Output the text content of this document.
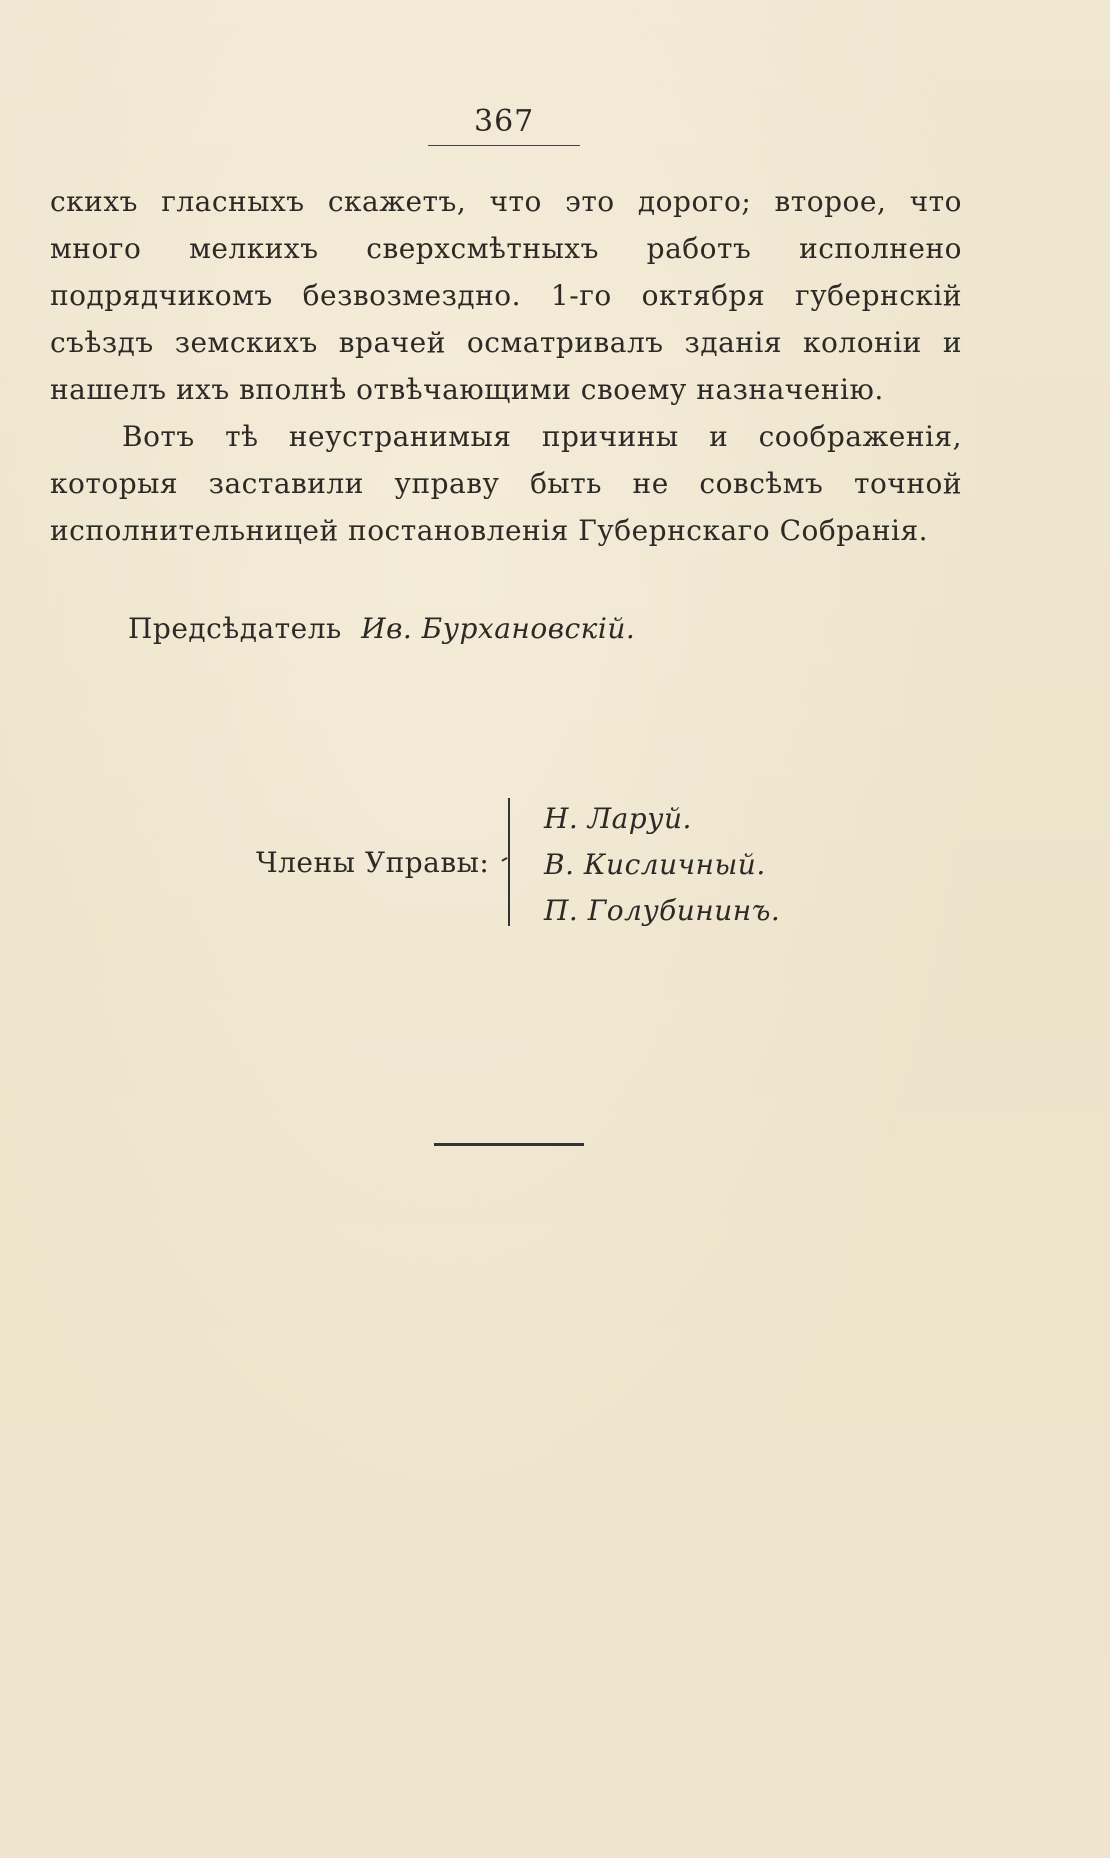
367

скихъ гласныхъ скажетъ, что это дорого; второе, что много мелкихъ сверхсмѣтныхъ работъ исполнено подрядчикомъ безвозмездно. 1-го октября губернскій съѣздъ земскихъ врачей осматривалъ зданія колоніи и нашелъ ихъ вполнѣ отвѣчающими своему назначенію.

Вотъ тѣ неустранимыя причины и соображенія, которыя заставили управу быть не совсѣмъ точной исполнительницей постановленія Губернскаго Собранія.

Предсѣдатель Ив. Бурхановскій.
Члены Управы:
Н. Ларуй.
В. Кисличный.
П. Голубининъ.
